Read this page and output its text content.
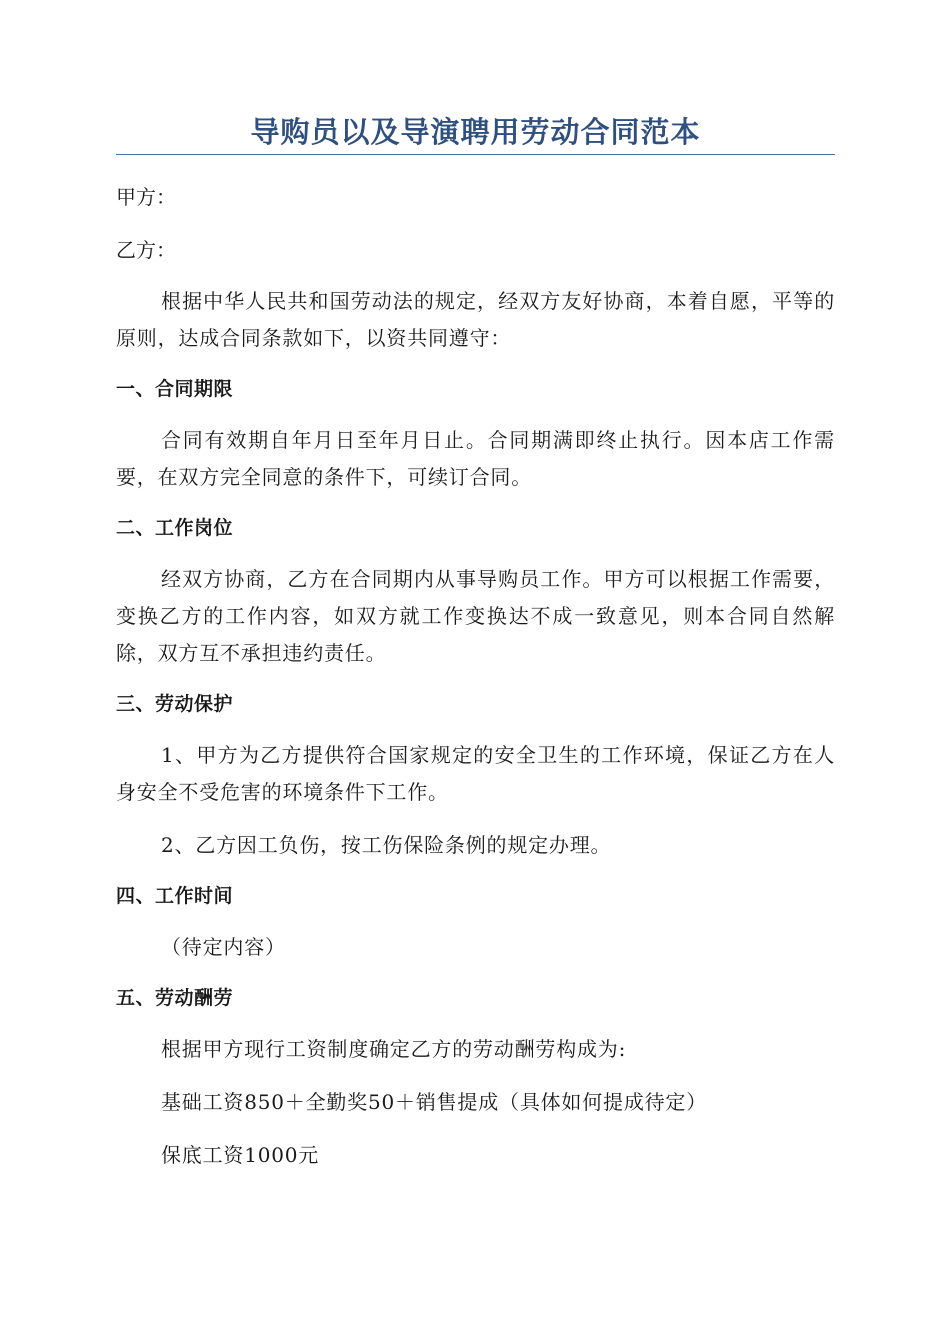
导购员以及导演聘用劳动合同范本

甲方：

乙方：

根据中华人民共和国劳动法的规定，经双方友好协商，本着自愿，平等的原则，达成合同条款如下，以资共同遵守：

一、合同期限

合同有效期自年月日至年月日止。合同期满即终止执行。因本店工作需要，在双方完全同意的条件下，可续订合同。

二、工作岗位

经双方协商，乙方在合同期内从事导购员工作。甲方可以根据工作需要，变换乙方的工作内容，如双方就工作变换达不成一致意见，则本合同自然解除，双方互不承担违约责任。

三、劳动保护

1、甲方为乙方提供符合国家规定的安全卫生的工作环境，保证乙方在人身安全不受危害的环境条件下工作。

2、乙方因工负伤，按工伤保险条例的规定办理。

四、工作时间

（待定内容）

五、劳动酬劳

根据甲方现行工资制度确定乙方的劳动酬劳构成为:

基础工资850＋全勤奖50＋销售提成（具体如何提成待定）

保底工资1000元
